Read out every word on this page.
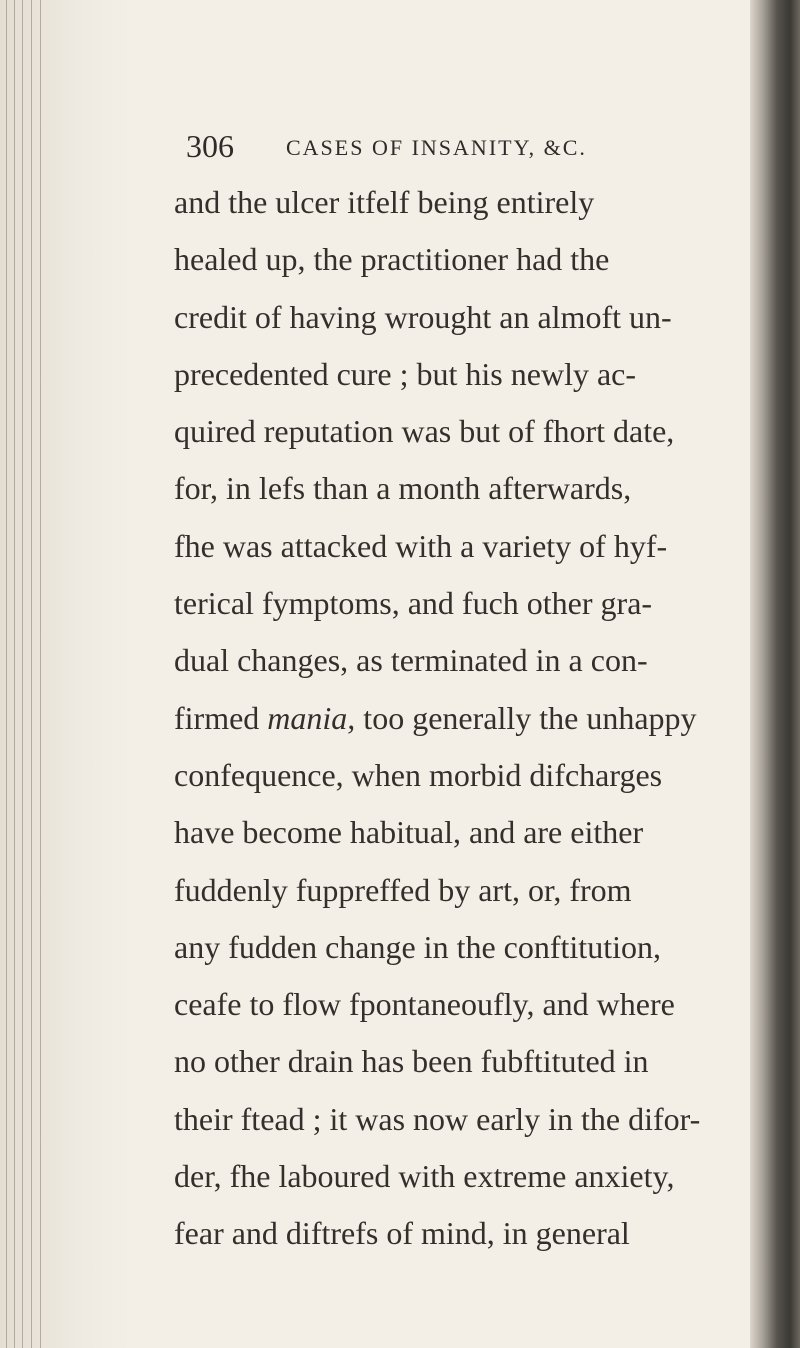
306 CASES OF INSANITY, &C.
and the ulcer itfelf being entirely
healed up, the practitioner had the
credit of having wrought an almoft un-
precedented cure ; but his newly ac-
quired reputation was but of fhort date,
for, in lefs than a month afterwards,
fhe was attacked with a variety of hyf-
terical fymptoms, and fuch other gra-
dual changes, as terminated in a con-
firmed mania, too generally the unhappy
confequence, when morbid difcharges
have become habitual, and are either
fuddenly fuppreffed by art, or, from
any fudden change in the conftitution,
ceafe to flow fpontaneoufly, and where
no other drain has been fubftituted in
their ftead ; it was now early in the difor-
der, fhe laboured with extreme anxiety,
fear and diftrefs of mind, in general
